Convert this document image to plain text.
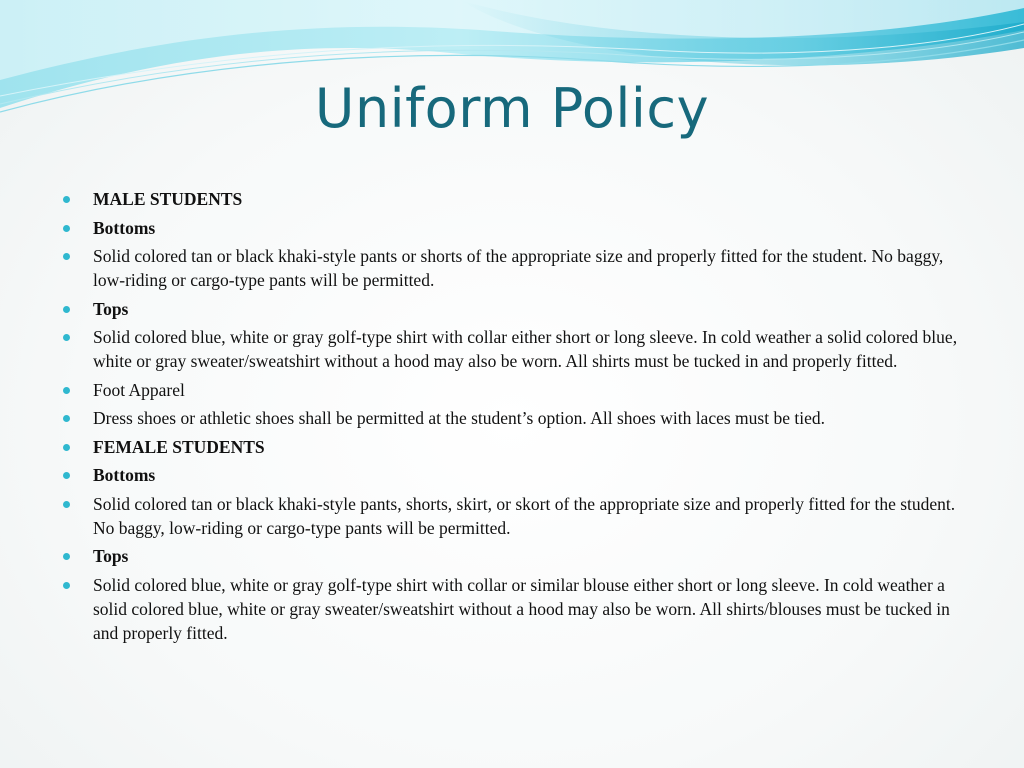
Uniform Policy
MALE STUDENTS
Bottoms
Solid colored tan or black khaki-style pants or shorts of the appropriate size and properly fitted for the student. No baggy, low-riding or cargo-type pants will be permitted.
Tops
Solid colored blue, white or gray golf-type shirt with collar either short or long sleeve. In cold weather a solid colored blue, white or gray sweater/sweatshirt without a hood may also be worn. All shirts must be tucked in and properly fitted.
Foot Apparel
Dress shoes or athletic shoes shall be permitted at the student’s option. All shoes with laces must be tied.
FEMALE STUDENTS
Bottoms
Solid colored tan or black khaki-style pants, shorts, skirt, or skort of the appropriate size and properly fitted for the student. No baggy, low-riding or cargo-type pants will be permitted.
Tops
Solid colored blue, white or gray golf-type shirt with collar or similar blouse either short or long sleeve. In cold weather a solid colored blue, white or gray sweater/sweatshirt without a hood may also be worn. All shirts/blouses must be tucked in and properly fitted.
